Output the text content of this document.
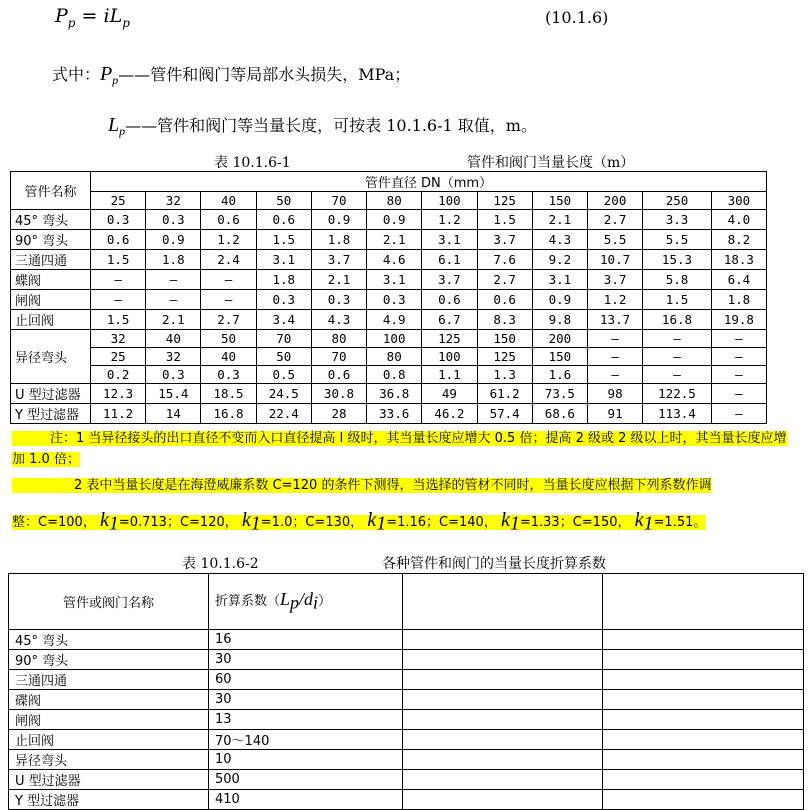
$P_p = iL_p$	(10.1.6)
式中：$P_p——$管件和阀门等局部水头损失，MPa；
$L_p——$管件和阀门等当量长度，可按表 10.1.6-1 取值，m。
表 10.1.6-1	管件和阀门当量长度（m）
管件名称	管件直径 DN（mm）											
	25	32	40	50	70	80	100	125	150	200	250	300
45° 弯头	0.3	0.3	0.6	0.6	0.9	0.9	1.2	1.5	2.1	2.7	3.3	4.0
90° 弯头	0.6	0.9	1.2	1.5	1.8	2.1	3.1	3.7	4.3	5.5	5.5	8.2
三通四通	1.5	1.8	2.4	3.1	3.7	4.6	6.1	7.6	9.2	10.7	15.3	18.3
蝶阀	—	—	—	1.8	2.1	3.1	3.7	2.7	3.1	3.7	5.8	6.4
闸阀	—	—	—	0.3	0.3	0.3	0.6	0.6	0.9	1.2	1.5	1.8
止回阀	1.5	2.1	2.7	3.4	4.3	4.9	6.7	8.3	9.8	13.7	16.8	19.8
异径弯头	32	40	50	70	80	100	125	150	200	—	—	—
	25	32	40	50	70	80	100	125	150	—	—	—
	0.2	0.3	0.3	0.5	0.6	0.8	1.1	1.3	1.6	—	—	—
U 型过滤器	12.3	15.4	18.5	24.5	30.8	36.8	49	61.2	73.5	98	122.5	—
Y 型过滤器	11.2	14	16.8	22.4	28	33.6	46.2	57.4	68.6	91	113.4	—

注：1 当异径接头的出口直径不变而入口直径提高 I 级时，其当量长度应增大 0.5 倍；提高 2 级或 2 级以上时，其当量长度应增加 1.0 倍；

2 表中当量长度是在海澄威廉系数 C=120 的条件下测得，当选择的管材不同时，当量长度应根据下列系数作调

整：C=100， $k_1=0.713$；C=120， $k_1=1.0$；C=130， $k_1=1.16$；C=140， $k_1=1.33$；C=150， $k_1=1.51$。

表 10.1.6-2	各种管件和阀门的当量长度折算系数
管件或阀门名称	折算系数$(L_p/d_i)$		
45° 弯头	16		
90° 弯头	30		
三通四通	60		
碟阀	30		
闸阀	13		
止回阀	70～140		
异径弯头	10		
U 型过滤器	500		
Y 型过滤器	410		
